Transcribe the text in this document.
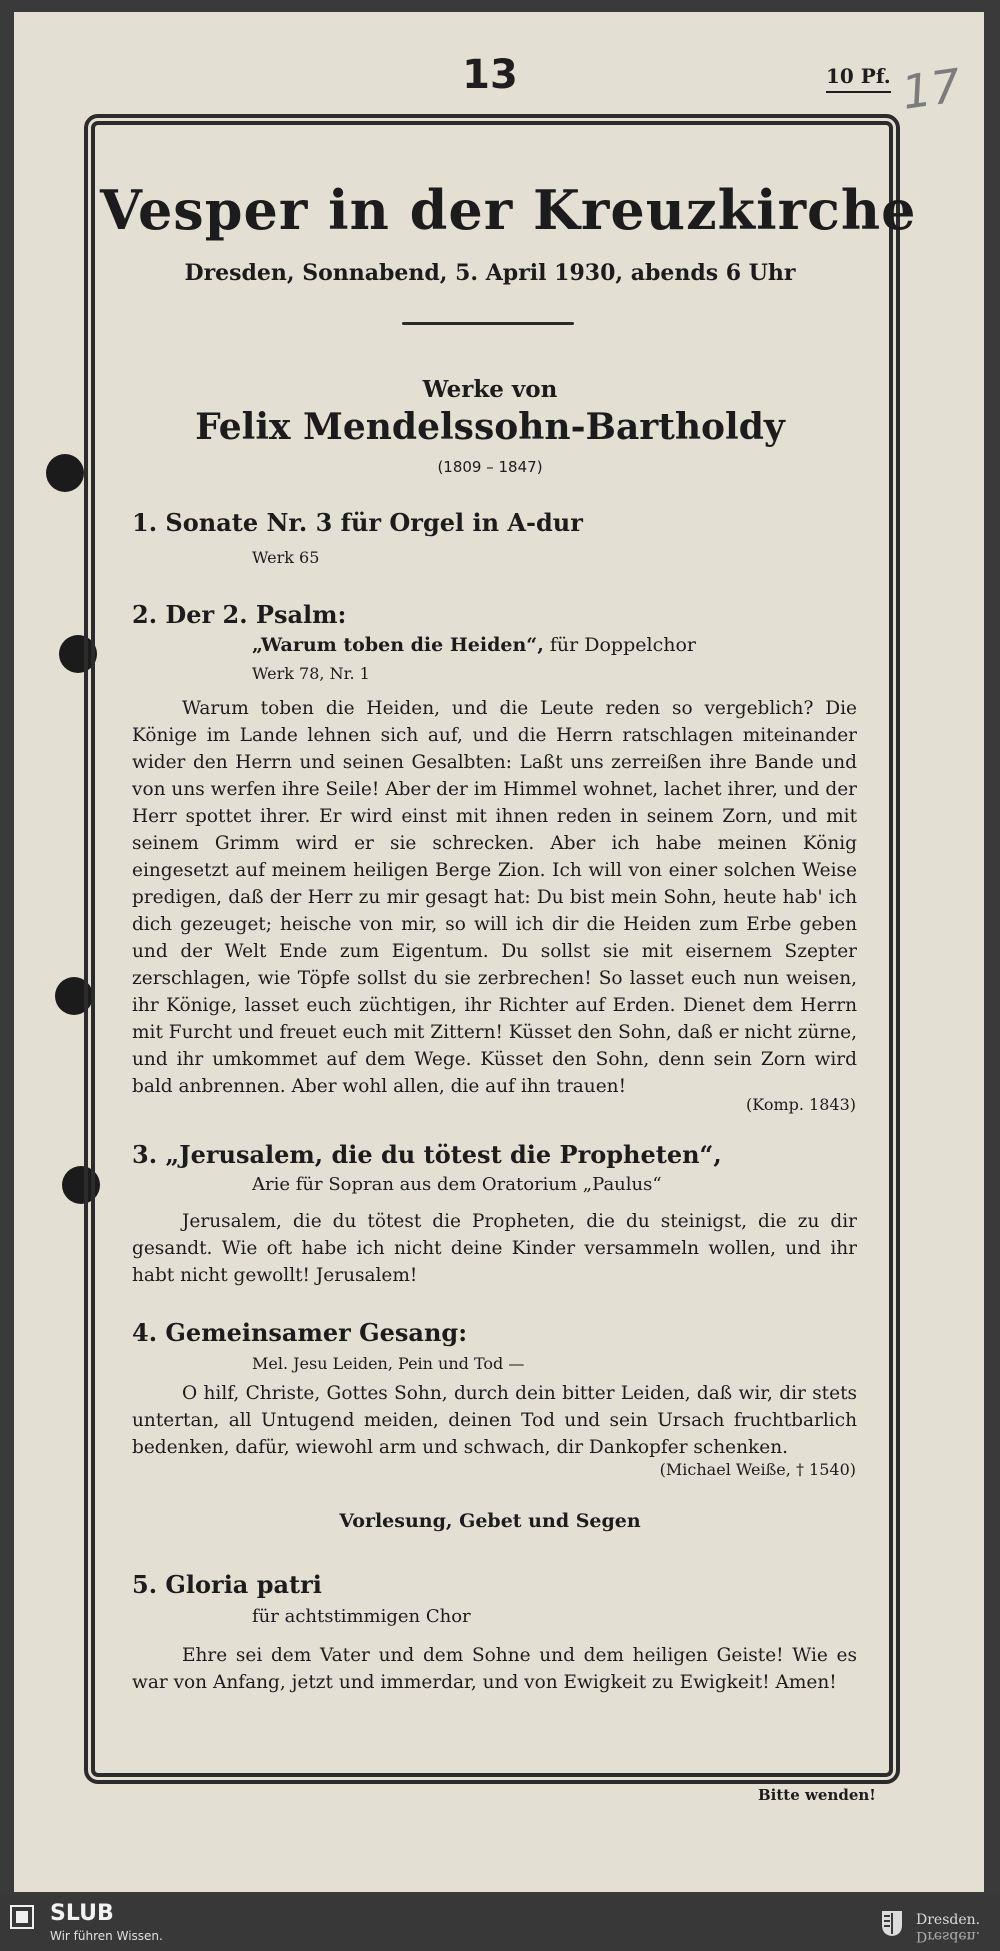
13	10 Pf. 17
Vesper in der Kreuzkirche
Dresden, Sonnabend, 5. April 1930, abends 6 Uhr
Werke von
Felix Mendelssohn-Bartholdy
(1809 – 1847)
1. Sonate Nr. 3 für Orgel in A-dur
Werk 65
2. Der 2. Psalm:
„Warum toben die Heiden“, für Doppelchor
Werk 78, Nr. 1

Warum toben die Heiden, und die Leute reden so vergeblich? Die Könige im Lande lehnen sich auf, und die Herrn ratschlagen miteinander wider den Herrn und seinen Gesalbten: Laßt uns zerreißen ihre Bande und von uns werfen ihre Seile! Aber der im Himmel wohnet, lachet ihrer, und der Herr spottet ihrer. Er wird einst mit ihnen reden in seinem Zorn, und mit seinem Grimm wird er sie schrecken. Aber ich habe meinen König eingesetzt auf meinem heiligen Berge Zion. Ich will von einer solchen Weise predigen, daß der Herr zu mir gesagt hat: Du bist mein Sohn, heute hab' ich dich gezeuget; heische von mir, so will ich dir die Heiden zum Erbe geben und der Welt Ende zum Eigentum. Du sollst sie mit eisernem Szepter zerschlagen, wie Töpfe sollst du sie zerbrechen! So lasset euch nun weisen, ihr Könige, lasset euch züchtigen, ihr Richter auf Erden. Dienet dem Herrn mit Furcht und freuet euch mit Zittern! Küsset den Sohn, daß er nicht zürne, und ihr umkommet auf dem Wege. Küsset den Sohn, denn sein Zorn wird bald anbrennen. Aber wohl allen, die auf ihn trauen!

(Komp. 1843)
3. „Jerusalem, die du tötest die Propheten“,
Arie für Sopran aus dem Oratorium „Paulus“

Jerusalem, die du tötest die Propheten, die du steinigst, die zu dir gesandt. Wie oft habe ich nicht deine Kinder versammeln wollen, und ihr habt nicht gewollt! Jerusalem!

4. Gemeinsamer Gesang:
Mel. Jesu Leiden, Pein und Tod —

O hilf, Christe, Gottes Sohn, durch dein bitter Leiden, daß wir, dir stets untertan, all Untugend meiden, deinen Tod und sein Ursach fruchtbarlich bedenken, dafür, wiewohl arm und schwach, dir Dankopfer schenken.

(Michael Weiße, † 1540)
Vorlesung, Gebet und Segen
5. Gloria patri
für achtstimmigen Chor

Ehre sei dem Vater und dem Sohne und dem heiligen Geiste! Wie es war von Anfang, jetzt und immerdar, und von Ewigkeit zu Ewigkeit! Amen!

Bitte wenden!
SLUB
Wir führen Wissen.
Dresden.
Dresden.
